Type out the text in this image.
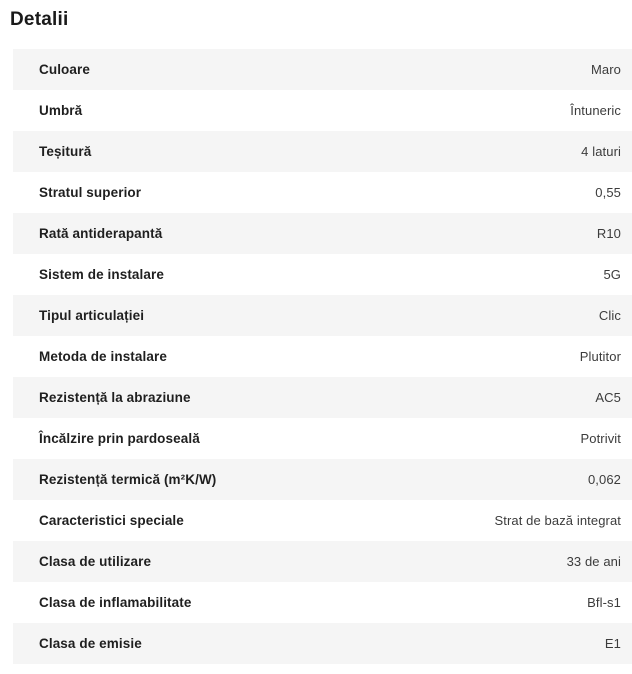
Detalii
Culoare	Maro
Umbră	Întuneric
Teșitură	4 laturi
Stratul superior	0,55
Rată antiderapantă	R10
Sistem de instalare	5G
Tipul articulației	Clic
Metoda de instalare	Plutitor
Rezistență la abraziune	AC5
Încălzire prin pardoseală	Potrivit
Rezistență termică (m²K/W)	0,062
Caracteristici speciale	Strat de bază integrat
Clasa de utilizare	33 de ani
Clasa de inflamabilitate	Bfl-s1
Clasa de emisie	E1
